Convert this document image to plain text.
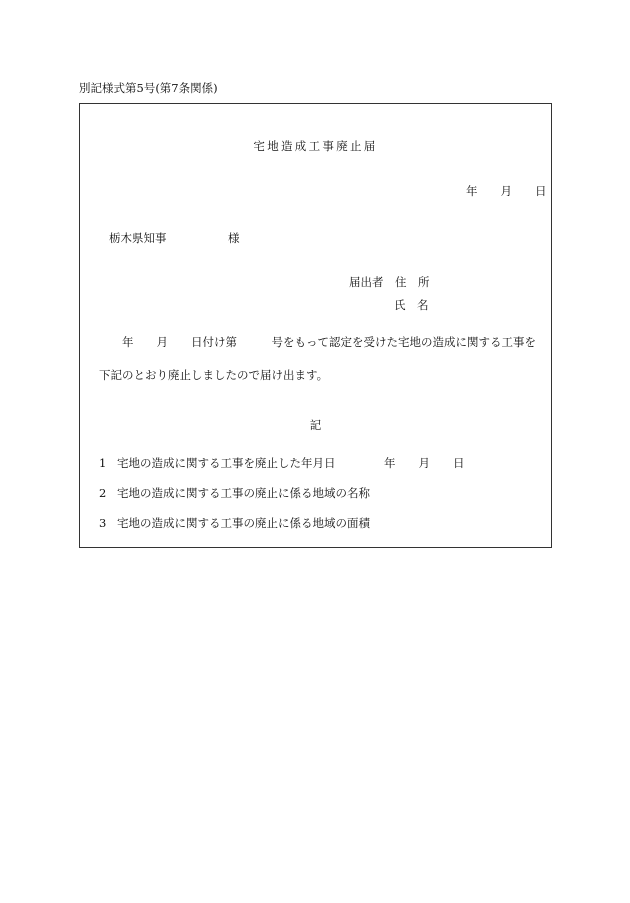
別記様式第5号(第7条関係)
宅地造成工事廃止届
年　　月　　日
栃木県知事	様
届出者 住　所
氏　名
年　　月　　日付け第　　　号をもって認定を受けた宅地の造成に関する工事を
下記のとおり廃止しましたので届け出ます。
記
1 宅地の造成に関する工事を廃止した年月日	年　　月　　日
2 宅地の造成に関する工事の廃止に係る地域の名称
3 宅地の造成に関する工事の廃止に係る地域の面積
